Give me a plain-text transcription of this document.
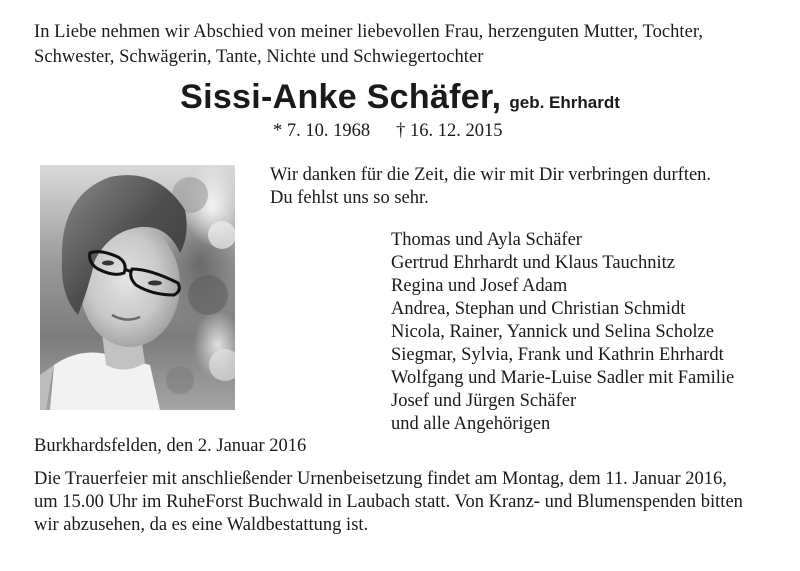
In Liebe nehmen wir Abschied von meiner liebevollen Frau, herzenguten Mutter, Tochter,
Schwester, Schwägerin, Tante, Nichte und Schwiegertochter
Sissi-Anke Schäfer, geb. Ehrhardt
* 7. 10. 1968 † 16. 12. 2015
Wir danken für die Zeit, die wir mit Dir verbringen durften.
Du fehlst uns so sehr.
Thomas und Ayla Schäfer
Gertrud Ehrhardt und Klaus Tauchnitz
Regina und Josef Adam
Andrea, Stephan und Christian Schmidt
Nicola, Rainer, Yannick und Selina Scholze
Siegmar, Sylvia, Frank und Kathrin Ehrhardt
Wolfgang und Marie-Luise Sadler mit Familie
Josef und Jürgen Schäfer
und alle Angehörigen
Burkhardsfelden, den 2. Januar 2016
Die Trauerfeier mit anschließender Urnenbeisetzung findet am Montag, dem 11. Januar 2016,
um 15.00 Uhr im RuheForst Buchwald in Laubach statt. Von Kranz- und Blumenspenden bitten
wir abzusehen, da es eine Waldbestattung ist.
